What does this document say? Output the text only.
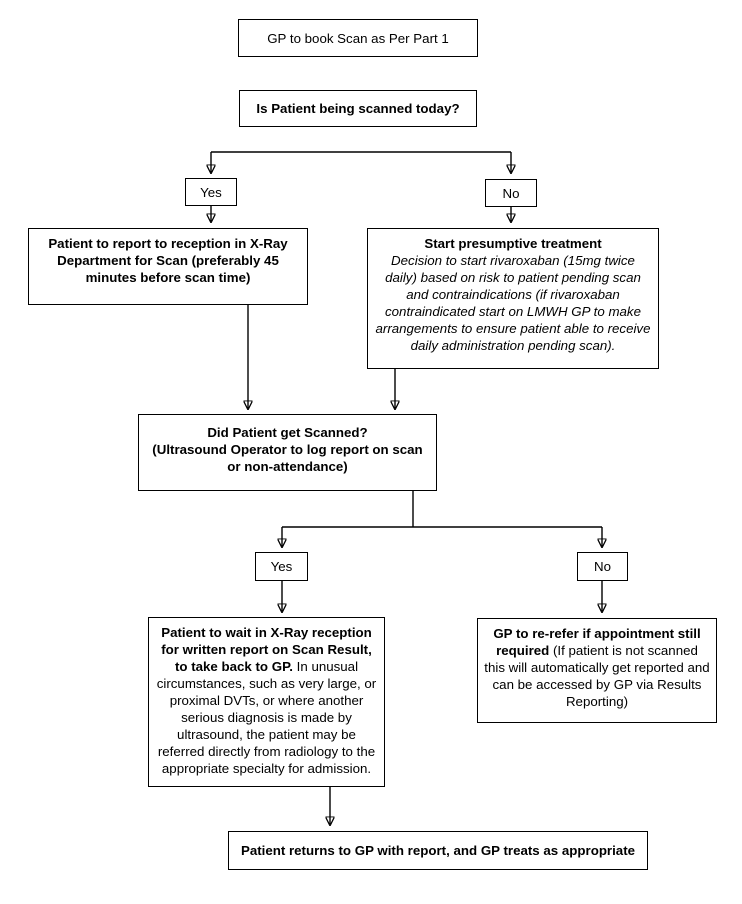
GP to book Scan as Per Part 1
Is Patient being scanned today?
Yes	No
Patient to report to reception in X-Ray Department for Scan (preferably 45 minutes before scan time)
Start presumptive treatment
Decision to start rivaroxaban (15mg twice daily) based on risk to patient pending scan and contraindications (if rivaroxaban contraindicated start on LMWH GP to make arrangements to ensure patient able to receive daily administration pending scan).
Did Patient get Scanned?
(Ultrasound Operator to log report on scan or non-attendance)
Yes	No
Patient to wait in X-Ray reception for written report on Scan Result, to take back to GP. In unusual circumstances, such as very large, or proximal DVTs, or where another serious diagnosis is made by ultrasound, the patient may be referred directly from radiology to the appropriate specialty for admission.
GP to re-refer if appointment still required (If patient is not scanned this will automatically get reported and can be accessed by GP via Results Reporting)
Patient returns to GP with report, and GP treats as appropriate
